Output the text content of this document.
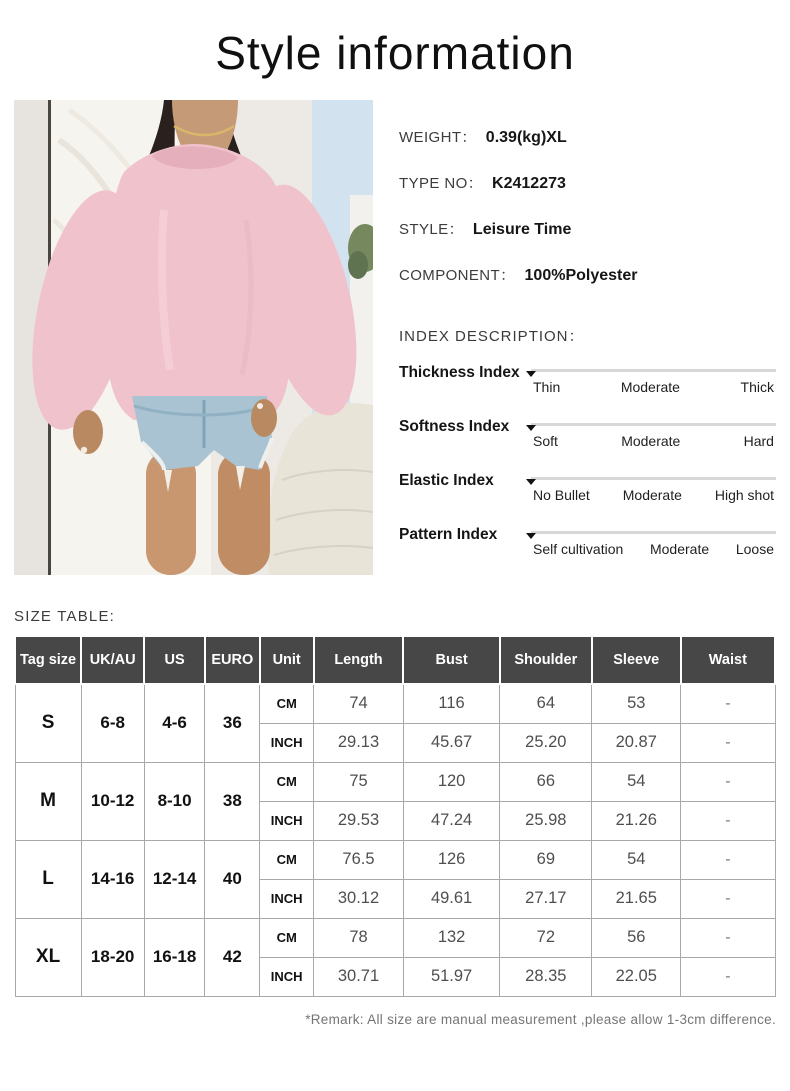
Style information
WEIGHT： 0.39(kg)XL
TYPE NO： K2412273
STYLE： Leisure Time
COMPONENT： 100%Polyester
INDEX DESCRIPTION：
Thickness Index
Thin	Moderate	Thick
Softness Index
Soft	Moderate	Hard
Elastic Index
No Bullet Moderate High shot
Pattern Index
Self cultivation Moderate Loose
SIZE TABLE:
Tag size	UK/AU	US	EURO	Unit	Length	Bust	Shoulder	Sleeve	Waist
S	6-8	4-6	36	CM	74	116	64	53	-
				INCH	29.13	45.67	25.20	20.87	-
M	10-12	8-10	38	CM	75	120	66	54	-
				INCH	29.53	47.24	25.98	21.26	-
L	14-16	12-14	40	CM	76.5	126	69	54	-
				INCH	30.12	49.61	27.17	21.65	-
XL	18-20	16-18	42	CM	78	132	72	56	-
				INCH	30.71	51.97	28.35	22.05	-
*Remark: All size are manual measurement ,please allow 1-3cm difference.
